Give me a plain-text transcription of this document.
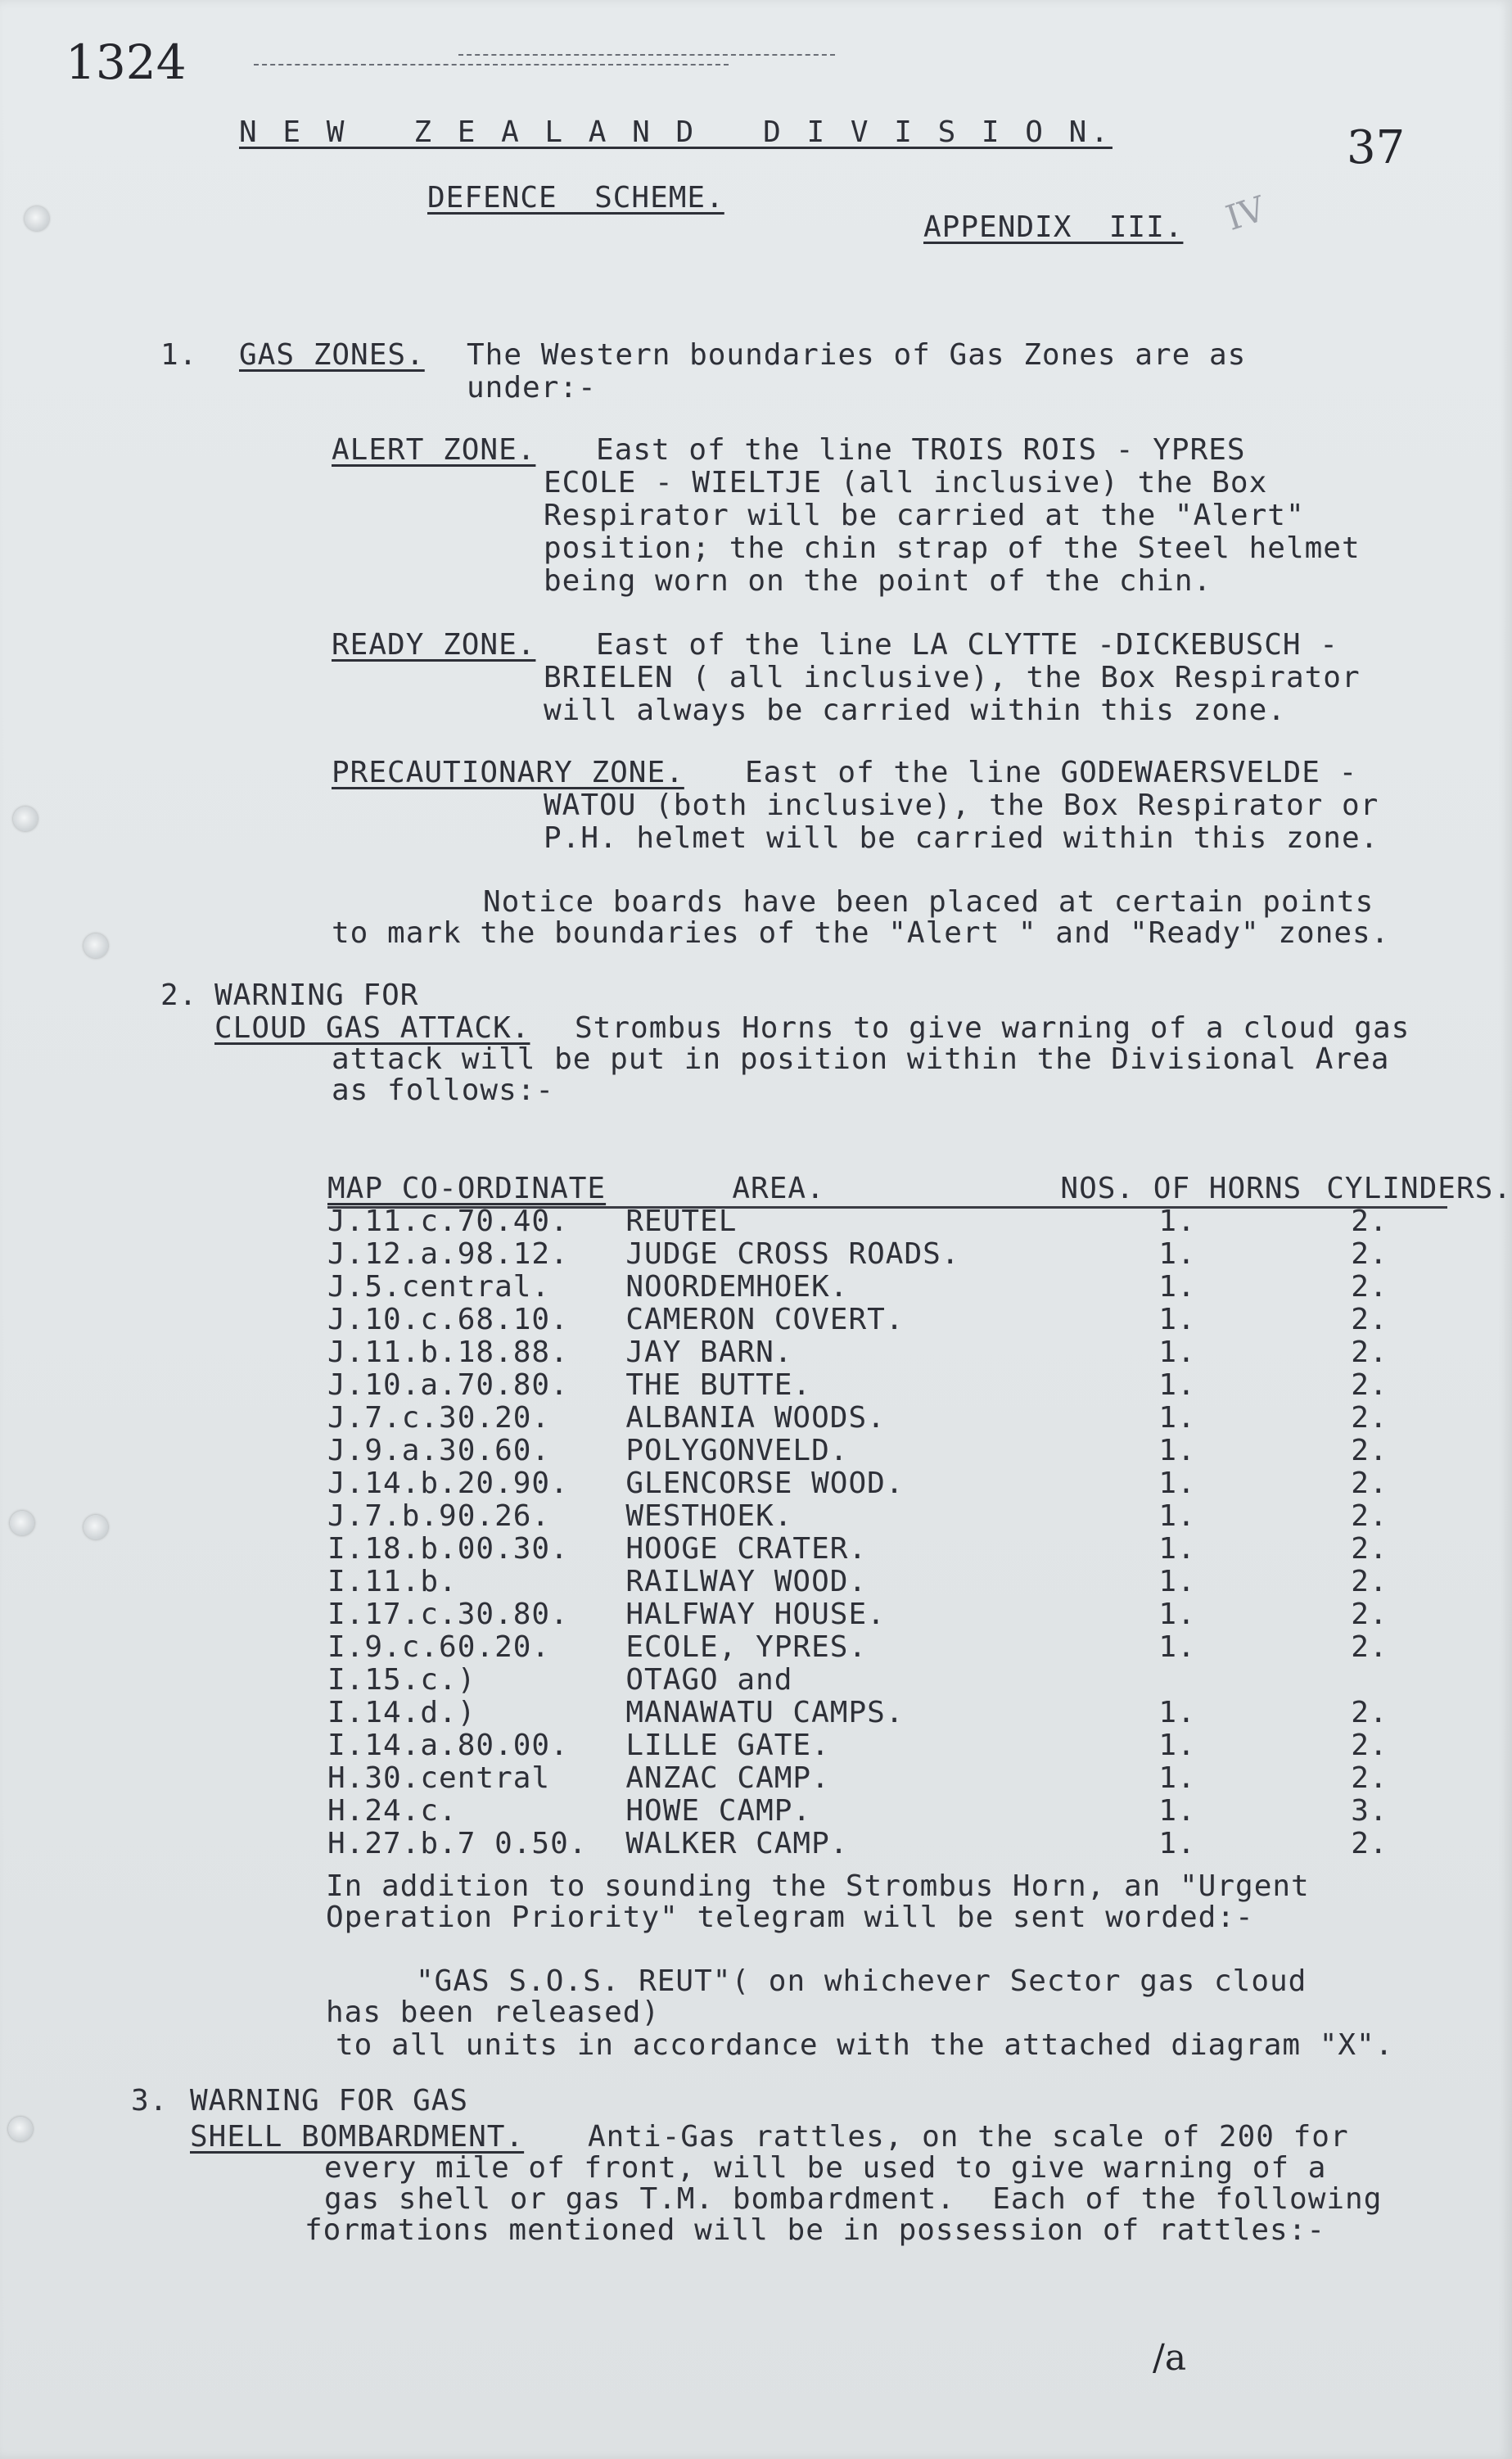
1324
37
N E W   Z E A L A N D   D I V I S I O N.
DEFENCE  SCHEME.
APPENDIX  III. IV
1. GAS ZONES. The Western boundaries of Gas Zones are as
under:-
ALERT ZONE. East of the line TROIS ROIS - YPRES
ECOLE - WIELTJE (all inclusive) the Box
Respirator will be carried at the "Alert"
position; the chin strap of the Steel helmet
being worn on the point of the chin.
READY ZONE. East of the line LA CLYTTE -DICKEBUSCH -
BRIELEN ( all inclusive), the Box Respirator
will always be carried within this zone.
PRECAUTIONARY ZONE. East of the line GODEWAERSVELDE -
WATOU (both inclusive), the Box Respirator or
P.H. helmet will be carried within this zone.
Notice boards have been placed at certain points
to mark the boundaries of the "Alert " and "Ready" zones.
2. WARNING FOR
CLOUD GAS ATTACK. Strombus Horns to give warning of a cloud gas
attack will be put in position within the Divisional Area
as follows:-
MAP CO-ORDINATE	AREA.	NOS. OF HORNS	CYLINDERS.
J.11.c.70.40.	REUTEL	1.	2.
J.12.a.98.12.	JUDGE CROSS ROADS.	1.	2.
J.5.central.	NOORDEMHOEK.	1.	2.
J.10.c.68.10.	CAMERON COVERT.	1.	2.
J.11.b.18.88.	JAY BARN.	1.	2.
J.10.a.70.80.	THE BUTTE.	1.	2.
J.7.c.30.20.	ALBANIA WOODS.	1.	2.
J.9.a.30.60.	POLYGONVELD.	1.	2.
J.14.b.20.90.	GLENCORSE WOOD.	1.	2.
J.7.b.90.26.	WESTHOEK.	1.	2.
I.18.b.00.30.	HOOGE CRATER.	1.	2.
I.11.b.	RAILWAY WOOD.	1.	2.
I.17.c.30.80.	HALFWAY HOUSE.	1.	2.
I.9.c.60.20.	ECOLE, YPRES.	1.	2.
I.15.c.)	OTAGO and		
I.14.d.)	MANAWATU CAMPS.	1.	2.
I.14.a.80.00.	LILLE GATE.	1.	2.
H.30.central	ANZAC CAMP.	1.	2.
H.24.c.	HOWE CAMP.	1.	3.
H.27.b.7 0.50.	WALKER CAMP.	1.	2.
In addition to sounding the Strombus Horn, an "Urgent
Operation Priority" telegram will be sent worded:-
"GAS S.O.S. REUT"( on whichever Sector gas cloud
has been released)
to all units in accordance with the attached diagram "X".
3. WARNING FOR GAS
SHELL BOMBARDMENT. Anti-Gas rattles, on the scale of 200 for
every mile of front, will be used to give warning of a
gas shell or gas T.M. bombardment.  Each of the following
formations mentioned will be in possession of rattles:-
/a
